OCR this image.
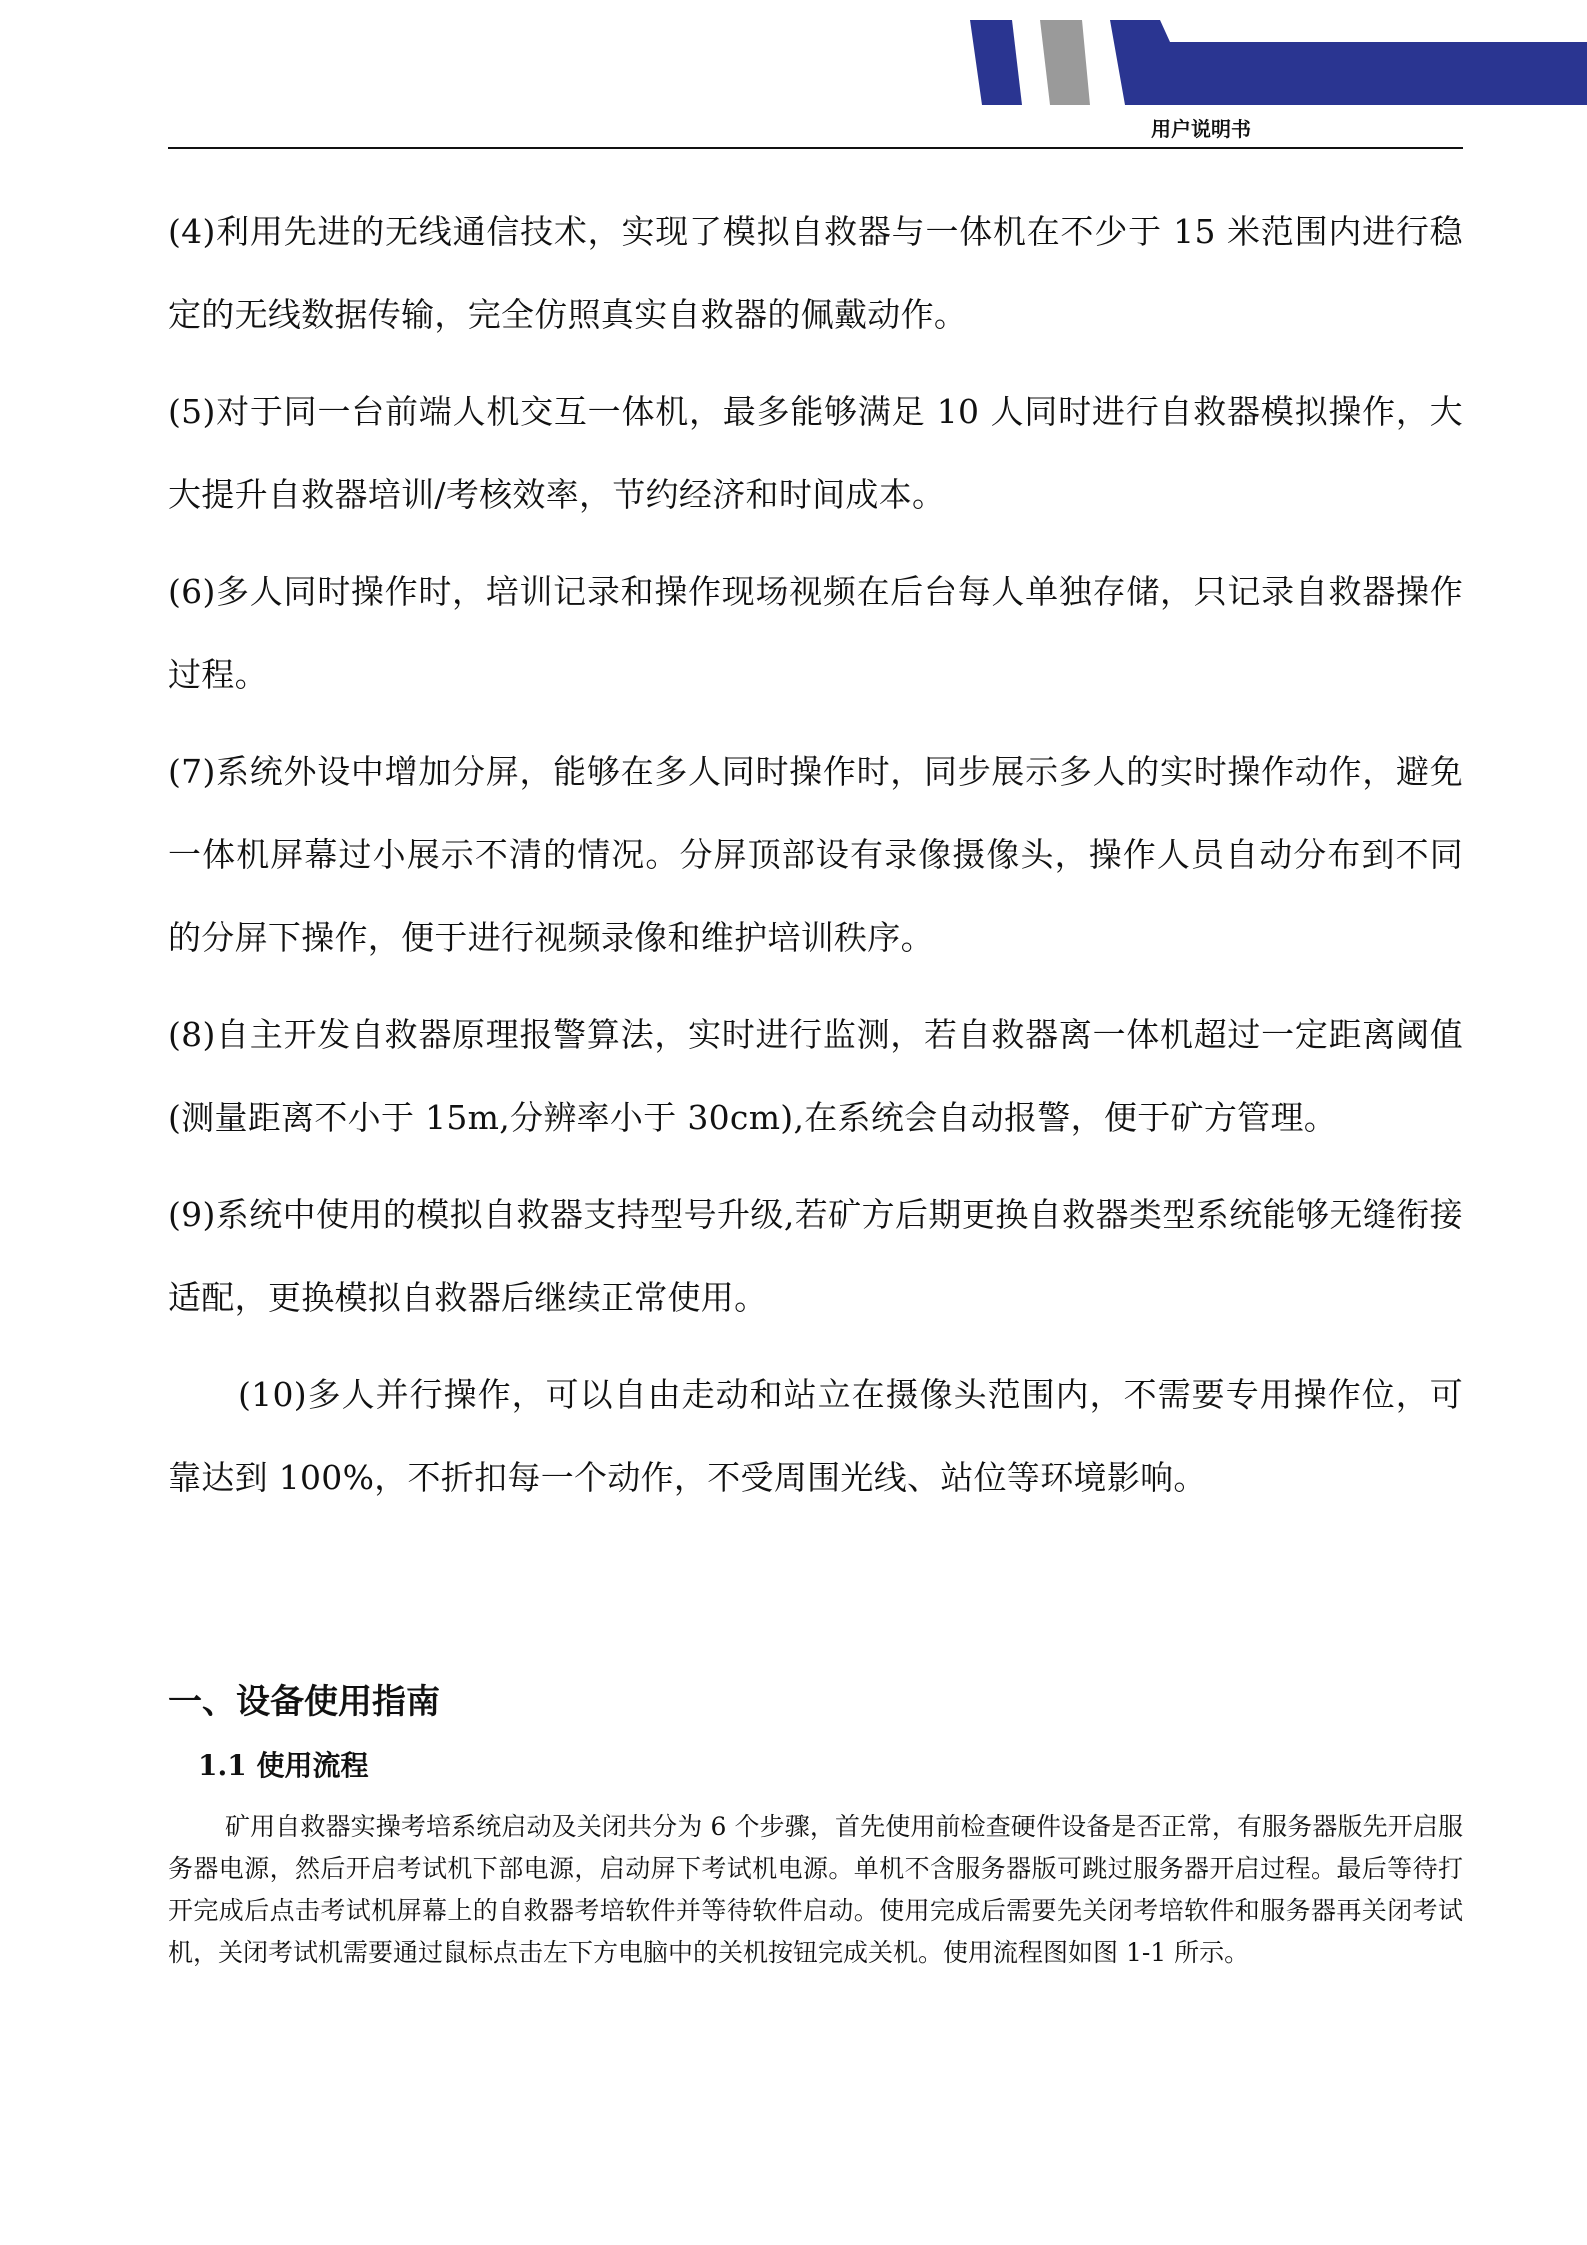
用户说明书

(4)利用先进的无线通信技术，实现了模拟自救器与一体机在不少于 15 米范围内进行稳定的无线数据传输，完全仿照真实自救器的佩戴动作。

(5)对于同一台前端人机交互一体机，最多能够满足 10 人同时进行自救器模拟操作，大大提升自救器培训/考核效率，节约经济和时间成本。

(6)多人同时操作时，培训记录和操作现场视频在后台每人单独存储，只记录自救器操作过程。

(7)系统外设中增加分屏，能够在多人同时操作时，同步展示多人的实时操作动作，避免一体机屏幕过小展示不清的情况。分屏顶部设有录像摄像头，操作人员自动分布到不同的分屏下操作，便于进行视频录像和维护培训秩序。

(8)自主开发自救器原理报警算法，实时进行监测，若自救器离一体机超过一定距离阈值(测量距离不小于 15m,分辨率小于 30cm),在系统会自动报警，便于矿方管理。

(9)系统中使用的模拟自救器支持型号升级,若矿方后期更换自救器类型系统能够无缝衔接适配，更换模拟自救器后继续正常使用。

(10)多人并行操作，可以自由走动和站立在摄像头范围内，不需要专用操作位，可靠达到 100%，不折扣每一个动作，不受周围光线、站位等环境影响。

一、设备使用指南
1.1 使用流程
矿用自救器实操考培系统启动及关闭共分为 6 个步骤，首先使用前检查硬件设备是否正常，有服务器版先开启服务器电源，然后开启考试机下部电源，启动屏下考试机电源。单机不含服务器版可跳过服务器开启过程。最后等待打开完成后点击考试机屏幕上的自救器考培软件并等待软件启动。使用完成后需要先关闭考培软件和服务器再关闭考试机，关闭考试机需要通过鼠标点击左下方电脑中的关机按钮完成关机。使用流程图如图 1-1 所示。
